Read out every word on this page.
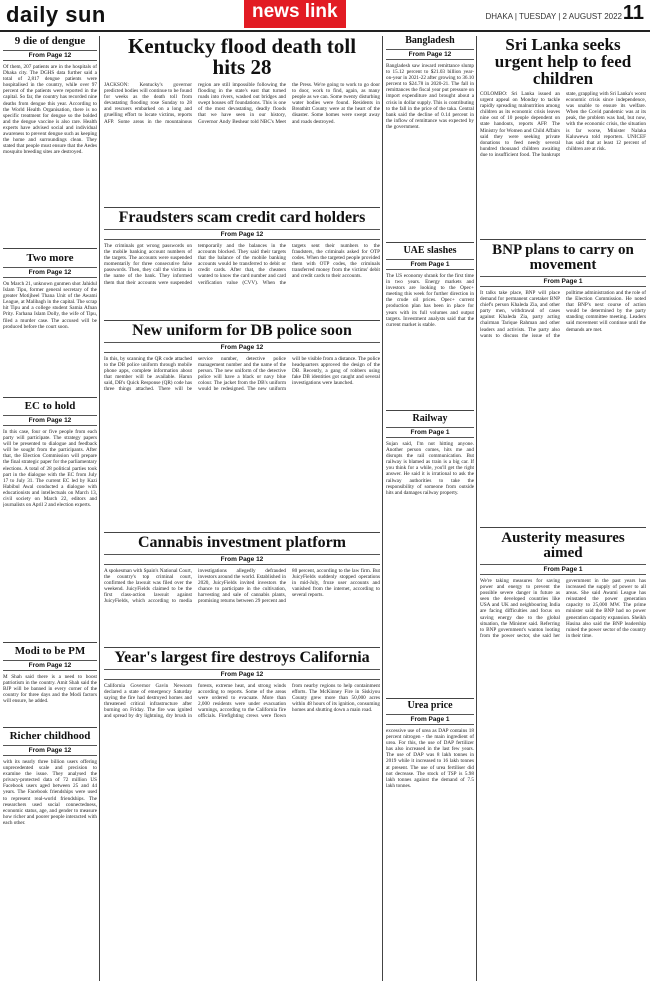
daily sun	news link	DHAKA | TUESDAY | 2 AUGUST 2022 11
9 die of dengue
From Page 12
Of them, 207 patients are in the hospitals of Dhaka city. The DGHS data further said a total of 2,817 dengue patients were hospitalised in the country, while over 97 percent of the patients were reported in the capital. So far, the country has recorded nine deaths from dengue this year. According to the World Health Organisation, there is no specific treatment for dengue so the bolded and the dengue vaccine is also rare. Health experts have advised social and individual awareness to prevent dengue such as keeping the home and surroundings clean. They stated that people must ensure that the Aedes mosquito breeding sites are destroyed.
Two more
From Page 12
On March 21, unknown gunmen shot Jahidul Islam Tipu, former general secretary of the greater Motijheel Thana Unit of the Awami League, at Malibagh in the capital. The scrap hit Tipu and a college student Samia Afnan Prity. Farhana Islam Dolly, the wife of Tipu, filed a murder case. The accused will be produced before the court soon.
EC to hold
From Page 12
In this case, four or five people from each party will participate. The strategy papers will be presented to dialogue and feedback will be sought from the participants. After that, the Election Commission will prepare the final strategic paper for the parliamentary elections. A total of 28 political parties took part in the dialogue with the EC from July 17 to July 31. The current EC led by Kazi Habibul Awal conducted a dialogue with educationists and intellectuals on March 13, civil society on March 22, editors and journalists on April 2 and election experts.
Modi to be PM
From Page 12
M Shah said there is a need to boost patriotism in the country. Amit Shah said the BJP will be banned in every corner of the country for three days and the Modi factors will ensure, he added.
Richer childhood
From Page 12
with its nearly three billion users offering unprecedented scale and precision to examine the issue. They analysed the privacy-protected data of 72 million US Facebook users aged between 25 and 44 years. The Facebook friendships were used to represent real-world friendships. The researchers used social connectedness, economic status, age, and gender to measure how richer and poorer people interacted with each other.
Kentucky flood death toll hits 28
JACKSON: Kentucky's governor predicted bodies will continue to be found for weeks as the death toll from devastating flooding rose Sunday to 28 and rescuers embarked on a long and gruelling effort to locate victims, reports AFP. Some areas in the mountainous region are still impossible following the flooding in the state's east that turned roads into rivers, washed out bridges and swept houses off foundations. This is one of the most devastating, deadly floods that we have seen in our history, Governor Andy Beshear told NBC's Meet the Press. We're going to work to go door to door, work to find, again, as many people as we can. Some twenty disturbing water bodies were found. Residents in Breathitt County were at the heart of the disaster. Some homes were swept away and roads destroyed.
Fraudsters scam credit card holders
From Page 12
The criminals got wrong passwords on the mobile banking account numbers of the targets. The accounts were suspended momentarily for three consecutive false passwords. Then, they call the victims in the name of the bank. They informed them that their accounts were suspended temporarily and the balances in the accounts blocked. They said their targets that the balance of the mobile banking accounts would be transferred to debit or credit cards. After that, the cheaters wanted to know the card number and card verification value (CVV). When the targets sent their numbers to the fraudsters, the criminals asked for OTP codes. When the targeted people provided them with OTP codes, the criminals transferred money from the victims' debit and credit cards to their accounts.
New uniform for DB police soon
From Page 12
In this, by scanning the QR code attached to the DB police uniform through mobile phone apps, complete information about that member will be available. Harun said, DB's Quick Response (QR) code has three things attached. There will be service number, detective police management number and the name of the person. The new uniform of the detective police will have a black or navy blue colour. The jacket from the DB's uniform would be redesigned. The new uniform will be visible from a distance. The police headquarters approved the design of the DB. Recently, a gang of robbers using fake DB identities got caught and several investigations were launched.
Cannabis investment platform
From Page 12
A spokesman with Spain's National Court, the country's top criminal court, confirmed the lawsuit was filed over the weekend. JuicyFields claimed to be the first class-action lawsuit against JuicyFields, which according to media investigations allegedly defrauded investors around the world. Established in 2020, JuicyFields invited investors the chance to participate in the cultivation, harvesting and sale of cannabis plants, promising returns between 29 percent and 80 percent, according to the law firm. But JuicyFields suddenly stopped operations in mid-July, froze user accounts and vanished from the internet, according to several reports.
Year's largest fire destroys California
From Page 12
California Governor Gavin Newsom declared a state of emergency Saturday saying the fire had destroyed homes and threatened critical infrastructure after burning on Friday. The fire was ignited and spread by dry lightning, dry brush in forests, extreme heat, and strong winds according to reports. Some of the areas were ordered to evacuate. More than 2,000 residents were under evacuation warnings, according to the California fire officials. Firefighting crews were flown from nearby regions to help containment efforts. The McKinney Fire in Siskiyou County grew more than 50,000 acres within 48 hours of its ignition, consuming homes and shutting down a main road.
Bangladesh
From Page 12
Bangladesh saw inward remittance slump to 15.12 percent to $21.03 billion year-on-year in 2021-22 after growing to 36.10 percent to $24.78 in 2020-21. The fall in remittances the fiscal year put pressure on import expenditure and brought about a crisis in dollar supply. This is contributing to the fall in the price of the taka. Central bank said the decline of 0.14 percent in the inflow of remittance was expected by the government.
UAE slashes
From Page 1
The US economy shrank for the first time in two years. Energy markets and investors are looking to the Opec+ meeting this week for further direction in the crude oil prices. Opec+ current production plan has been in place for years with its full volumes and output targets. Investment analysts said that the current market is stable.
Railway
From Page 1
Sujan said, I'm not hitting anyone. Another person comes, hits me and disrupts the rail communication. But railway is blamed as train is a big car. If you think for a while, you'll get the right answer. He said it is irrational to ask the railway authorities to take the responsibility of someone from outside hits and damages railway property.
Urea price
From Page 1
excessive use of urea as DAP contains 18 percent nitrogen - the main ingredient of urea. For this, the use of DAP fertilizer has also increased in the last few years. The use of DAP was 8 lakh tonnes in 2019 while it increased to 16 lakh tonnes at present. The use of urea fertiliser did not decrease. The stock of TSP is 5.98 lakh tonnes against the demand of 7.5 lakh tonnes.
Sri Lanka seeks urgent help to feed children
COLOMBO: Sri Lanka issued an urgent appeal on Monday to tackle rapidly spreading malnutrition among children as its economic crisis leaves nine out of 10 people dependent on state handouts, reports AFP. The Ministry for Women and Child Affairs said they were seeking private donations to feed needy several hundred thousand children awaiting due to insufficient food. The bankrupt state, grappling with Sri Lanka's worst economic crisis since independence, was unable to ensure its welfare. When the Covid pandemic was at its peak, the problem was bad, but now, with the economic crisis, the situation is far worse, Minister Nalaka Kaluwewa told reporters. UNICEF has said that at least 12 percent of children are at risk.
BNP plans to carry on movement
From Page 1
It talks take place, BNP will place demand for permanent caretaker BNP chief's person Khaleda Zia, and other party men, withdrawal of cases against Khaleda Zia, party acting chairman Tarique Rahman and other leaders and activists. The party also wants to discuss the issue of the polltime administration and the role of the Election Commission. He noted that BNP's next course of action would be determined by the party standing committee meeting. Leaders said movement will continue until the demands are met.
Austerity measures aimed
From Page 1
We're taking measures for saving power and energy to prevent the possible severe danger in future as seen the developed countries like USA and UK and neighbouring India are facing difficulties and focus on saving energy due to the global situation, the Minister said. Referring to BNP government's wanton looting from the power sector, she said her government in the past years has increased the supply of power to all areas. She said Awami League has reinstated the power generation capacity to 25,000 MW. The prime minister said the BNP had no power generation capacity expansion. Sheikh Hasina also said the BNP leadership ruined the power sector of the country in their time.
